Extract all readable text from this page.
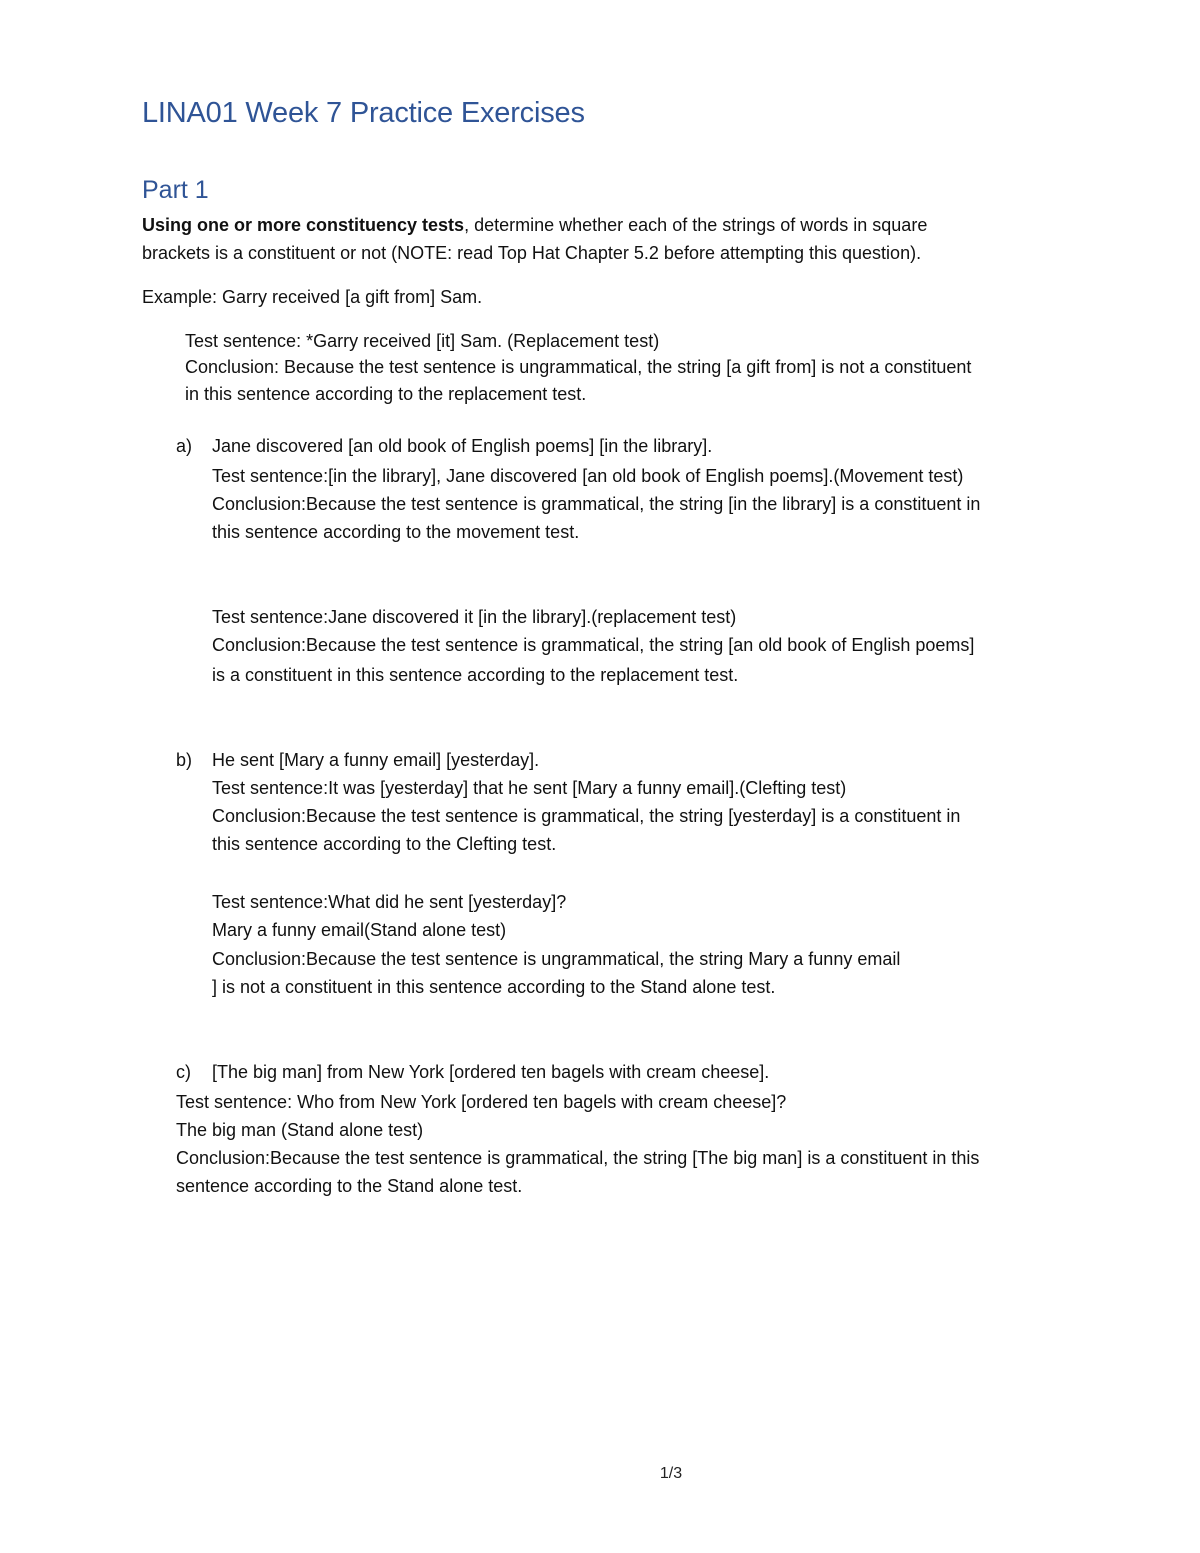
LINA01 Week 7 Practice Exercises
Part 1

Using one or more constituency tests, determine whether each of the strings of words in square

brackets is a constituent or not (NOTE: read Top Hat Chapter 5.2 before attempting this question).

Example: Garry received [a gift from] Sam.

Test sentence: *Garry received [it] Sam. (Replacement test)

Conclusion: Because the test sentence is ungrammatical, the string [a gift from] is not a constituent

in this sentence according to the replacement test.

a) Jane discovered [an old book of English poems] [in the library].

Test sentence:[in the library], Jane discovered [an old book of English poems].(Movement test)

Conclusion:Because the test sentence is grammatical, the string [in the library] is a constituent in

this sentence according to the movement test.

Test sentence:Jane discovered it [in the library].(replacement test)

Conclusion:Because the test sentence is grammatical, the string [an old book of English poems]

is a constituent in this sentence according to the replacement test.

b) He sent [Mary a funny email] [yesterday].

Test sentence:It was [yesterday] that he sent [Mary a funny email].(Clefting test)

Conclusion:Because the test sentence is grammatical, the string [yesterday] is a constituent in

this sentence according to the Clefting test.

Test sentence:What did he sent [yesterday]?

Mary a funny email(Stand alone test)

Conclusion:Because the test sentence is ungrammatical, the string Mary a funny email

] is not a constituent in this sentence according to the Stand alone test.

c) [The big man] from New York [ordered ten bagels with cream cheese].

Test sentence: Who from New York [ordered ten bagels with cream cheese]?

The big man (Stand alone test)

Conclusion:Because the test sentence is grammatical, the string [The big man] is a constituent in this

sentence according to the Stand alone test.

1/3
